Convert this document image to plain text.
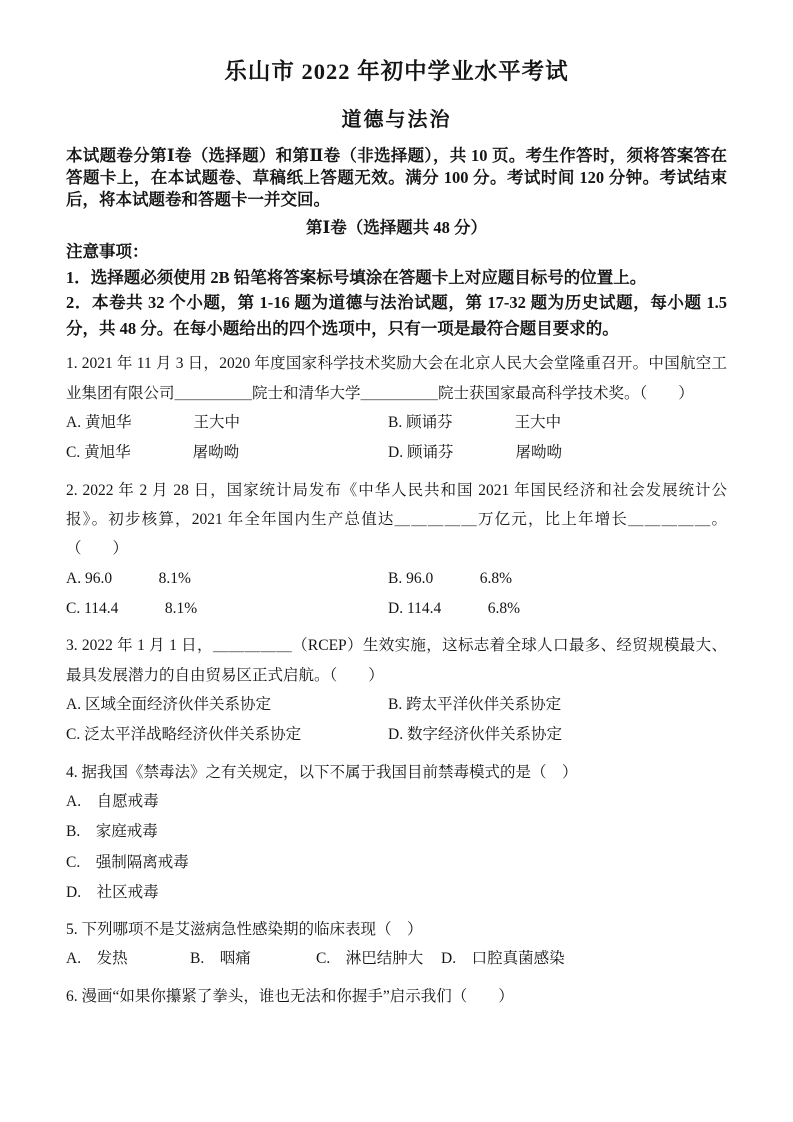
乐山市 2022 年初中学业水平考试
道德与法治

本试题卷分第Ⅰ卷（选择题）和第Ⅱ卷（非选择题），共 10 页。考生作答时，须将答案答在答题卡上，在本试题卷、草稿纸上答题无效。满分 100 分。考试时间 120 分钟。考试结束后，将本试题卷和答题卡一并交回。

第Ⅰ卷（选择题共 48 分）

注意事项：

1．选择题必须使用 2B 铅笔将答案标号填涂在答题卡上对应题目标号的位置上。

2．本卷共 32 个小题，第 1-16 题为道德与法治试题，第 17-32 题为历史试题，每小题 1.5 分，共 48 分。在每小题给出的四个选项中，只有一项是最符合题目要求的。

1. 2021 年 11 月 3 日，2020 年度国家科学技术奖励大会在北京人民大会堂隆重召开。中国航空工业集团有限公司＿＿＿＿＿院士和清华大学＿＿＿＿＿院士获国家最高科学技术奖。（　　）

A. 黄旭华　　　　王大中	B. 顾诵芬　　　　王大中
C. 黄旭华　　　　屠呦呦	D. 顾诵芬　　　　屠呦呦

2. 2022 年 2 月 28 日，国家统计局发布《中华人民共和国 2021 年国民经济和社会发展统计公报》。初步核算，2021 年全年国内生产总值达＿＿＿＿＿万亿元，比上年增长＿＿＿＿＿。（　　）

A. 96.0　　　8.1%	B. 96.0　　　6.8%
C. 114.4　　　8.1%	D. 114.4　　　6.8%

3. 2022 年 1 月 1 日，＿＿＿＿＿（RCEP）生效实施，这标志着全球人口最多、经贸规模最大、最具发展潜力的自由贸易区正式启航。（　　）

A. 区域全面经济伙伴关系协定	B. 跨太平洋伙伴关系协定
C. 泛太平洋战略经济伙伴关系协定	D. 数字经济伙伴关系协定

4. 据我国《禁毒法》之有关规定，以下不属于我国目前禁毒模式的是（　）

A.　自愿戒毒
B.　家庭戒毒
C.　强制隔离戒毒
D.　社区戒毒

5. 下列哪项不是艾滋病急性感染期的临床表现（　）

A.　发热	B.　咽痛	C.　淋巴结肿大	D.　口腔真菌感染

6. 漫画“如果你攥紧了拳头，谁也无法和你握手”启示我们（　　）
